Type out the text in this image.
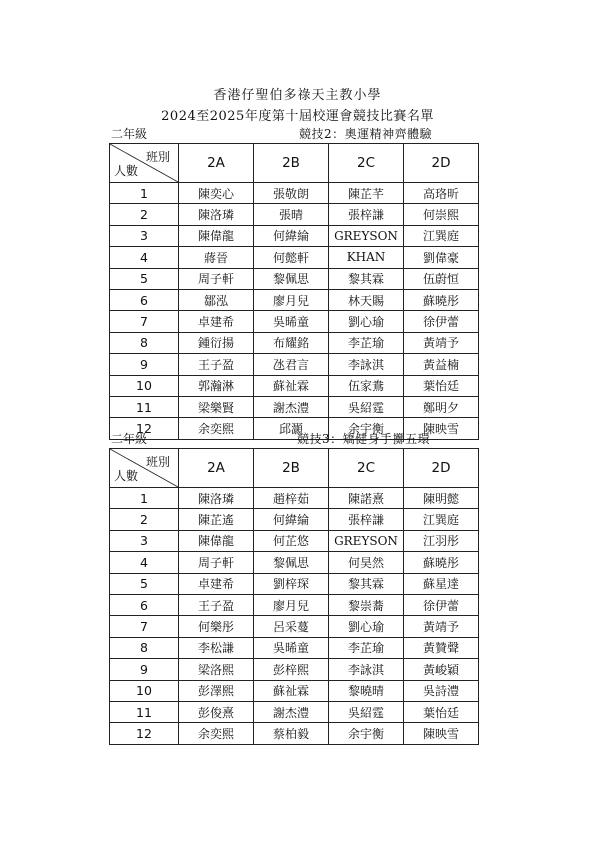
香港仔聖伯多祿天主教小學
2024至2025年度第十屆校運會競技比賽名單
二年級	競技2：奧運精神齊體驗
班別
人數	2A	2B	2C	2D
1	陳奕心	張敬朗	陳芷芊	高珞昕
2	陳洛璘	張晴	張梓謙	何崇熙
3	陳偉龍	何緯綸	GREYSON	江巽庭
4	蔣晉	何懿軒	KHAN	劉偉豪
5	周子軒	黎佩思	黎其霖	伍蔚恒
6	鄒泓	廖月兒	林天賜	蘇曉彤
7	卓建希	吳晞童	劉心瑜	徐伊蕾
8	鍾衍揚	布耀銘	李芷瑜	黃靖予
9	王子盈	氹君言	李詠淇	黃益楠
10	郭瀚淋	蘇祉霖	伍家鴦	葉怡廷
11	梁樂賢	謝杰澧	吳紹霆	鄭明夕
12	余奕熙	邱灝	余宇衡	陳映雪
二年級	競技3：矯健身手擲五環
班別
人數	2A	2B	2C	2D
1	陳洛璘	趙梓茹	陳諾熹	陳明懿
2	陳芷遙	何緯綸	張梓謙	江巽庭
3	陳偉龍	何芷悠	GREYSON	江羽彤
4	周子軒	黎佩思	何昊然	蘇曉彤
5	卓建希	劉梓琛	黎其霖	蘇星達
6	王子盈	廖月兒	黎崇蕎	徐伊蕾
7	何樂彤	呂采蔓	劉心瑜	黃靖予
8	李松謙	吳晞童	李芷瑜	黃贊聲
9	梁洛熙	彭梓熙	李詠淇	黃峻穎
10	彭澤熙	蘇祉霖	黎曉晴	吳詩澧
11	彭俊熹	謝杰澧	吳紹霆	葉怡廷
12	余奕熙	蔡柏毅	余宇衡	陳映雪
